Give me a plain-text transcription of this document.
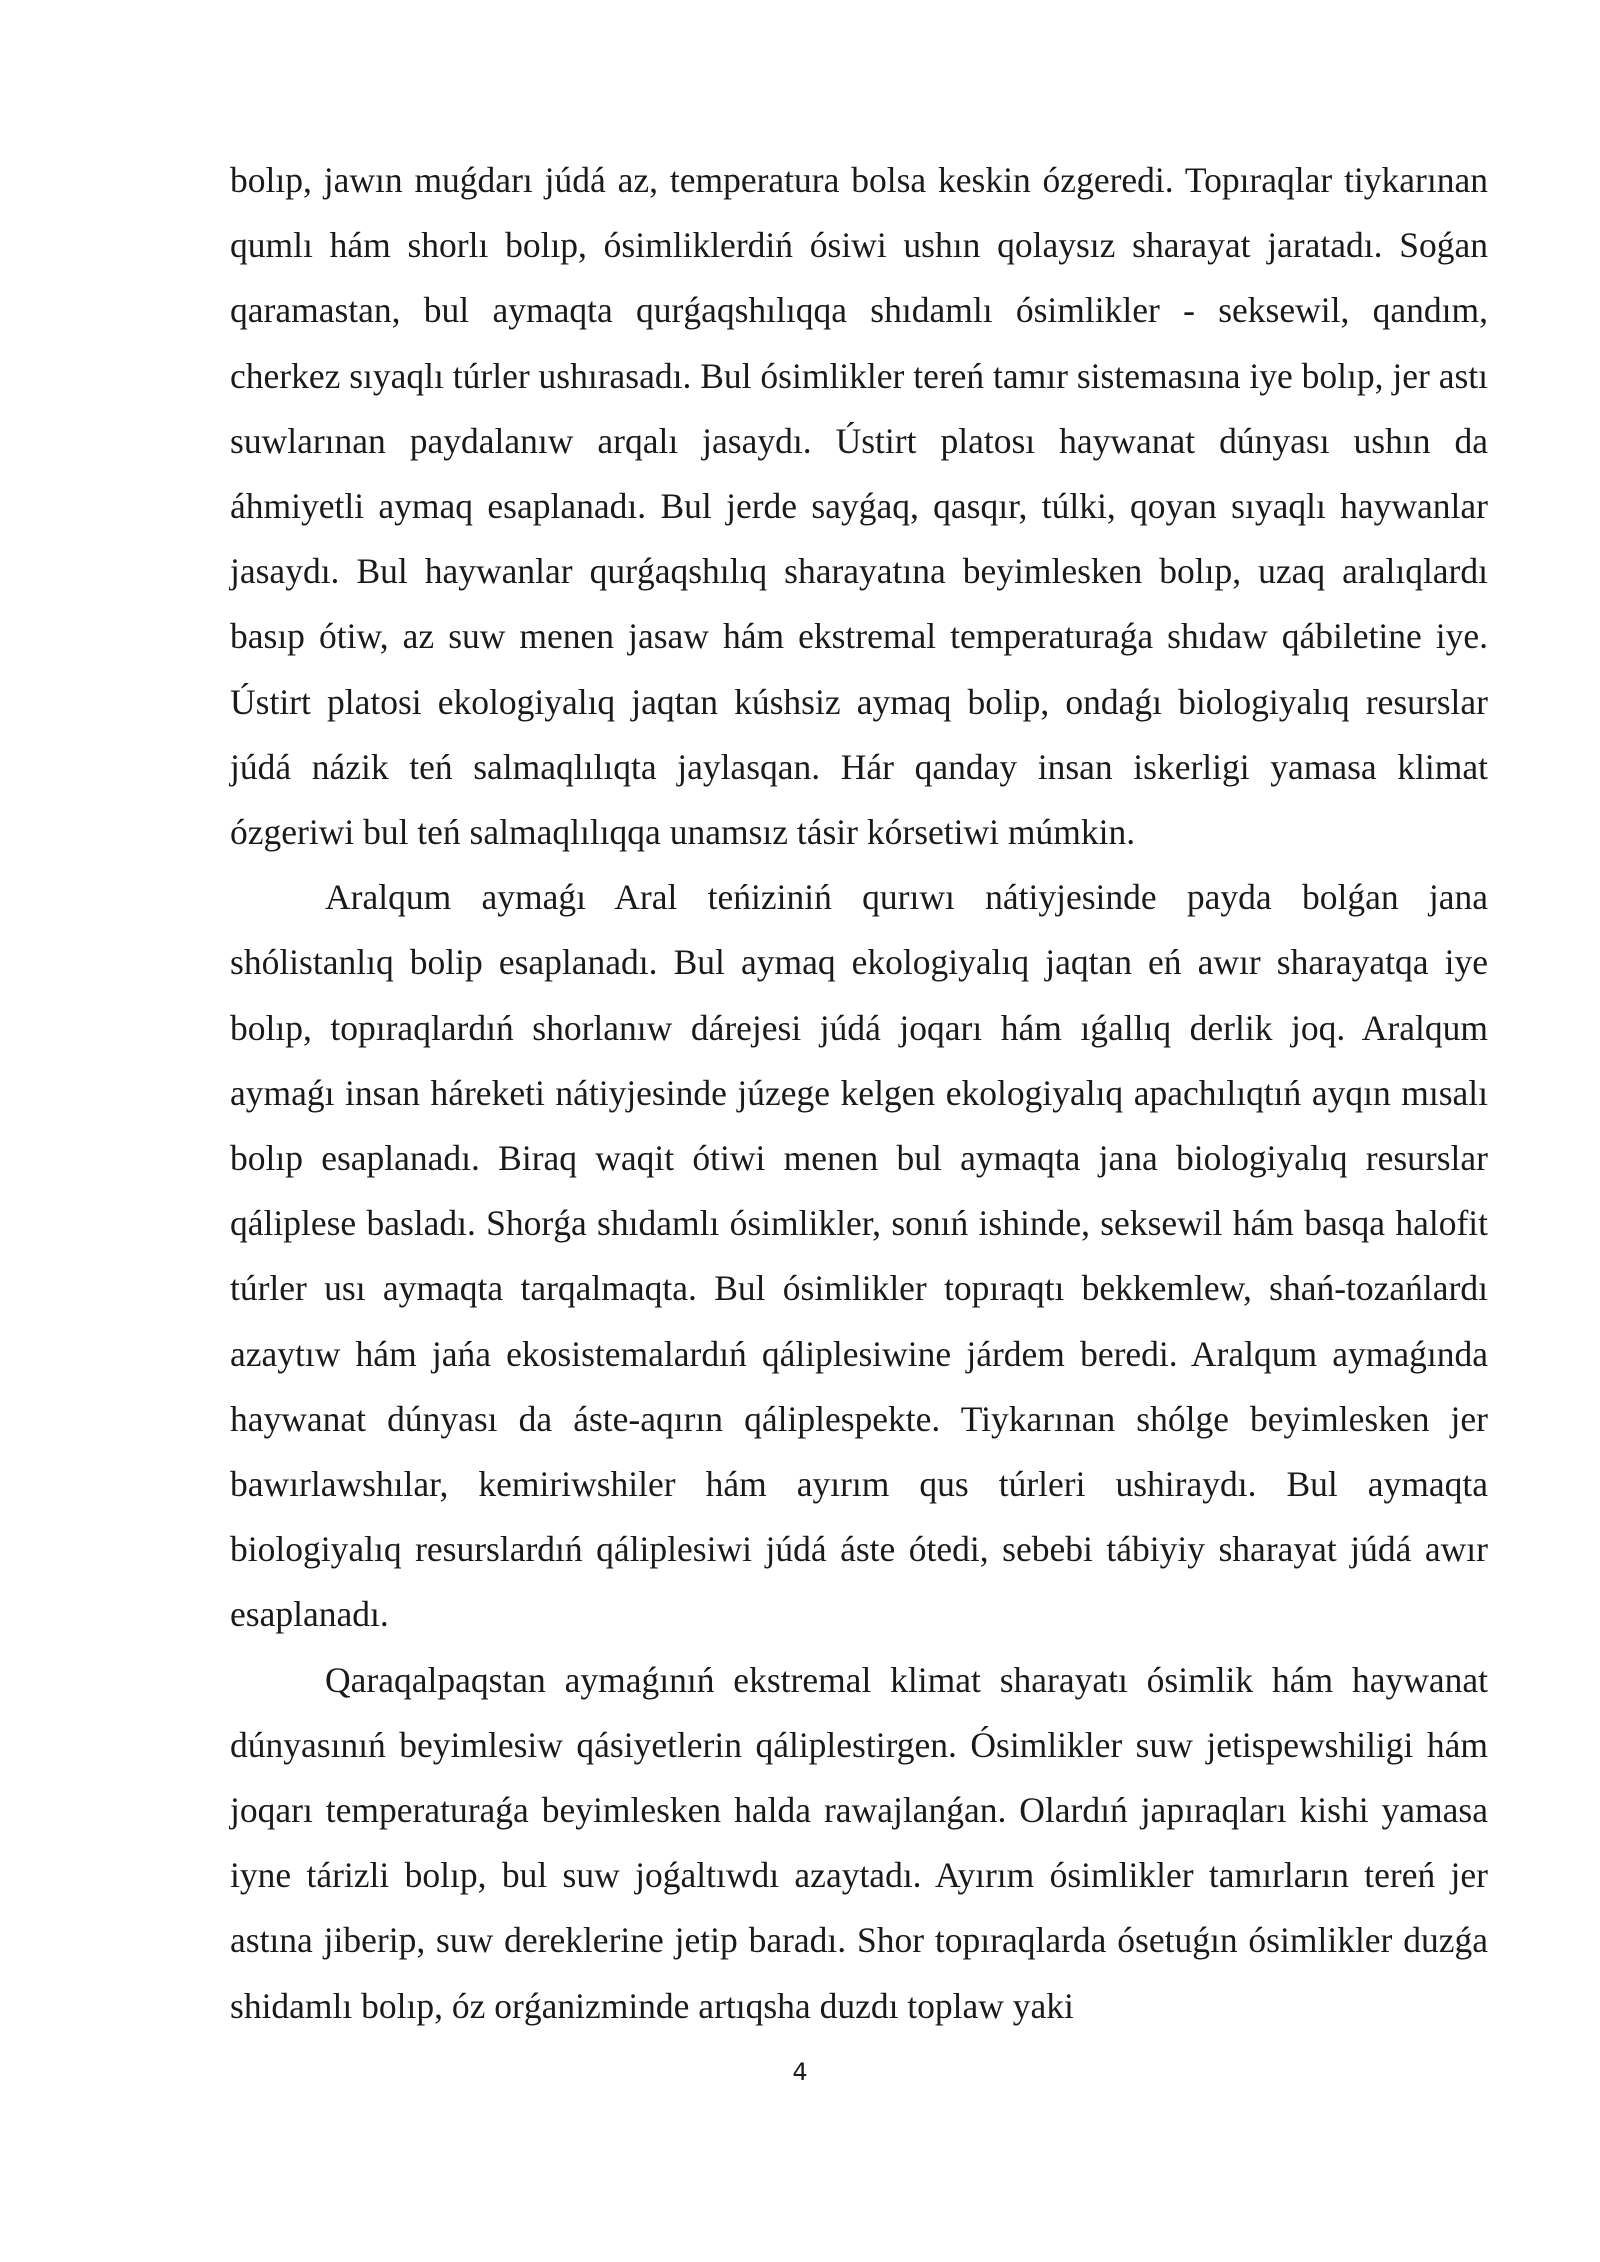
bolıp, jawın muǵdarı júdá az, temperatura bolsa keskin ózgeredi. Topıraqlar tiykarınan qumlı hám shorlı bolıp, ósimliklerdiń ósiwi ushın qolaysız sharayat jaratadı. Soǵan qaramastan, bul aymaqta qurǵaqshılıqqa shıdamlı ósimlikler - seksewil, qandım, cherkez sıyaqlı túrler ushırasadı. Bul ósimlikler tereń tamır sistemasına iye bolıp, jer astı suwlarınan paydalanıw arqalı jasaydı. Ústirt platosı haywanat dúnyası ushın da áhmiyetli aymaq esaplanadı. Bul jerde sayǵaq, qasqır, túlki, qoyan sıyaqlı haywanlar jasaydı. Bul haywanlar qurǵaqshılıq sharayatına beyimlesken bolıp, uzaq aralıqlardı basıp ótiw, az suw menen jasaw hám ekstremal temperaturaǵa shıdaw qábiletine iye. Ústirt platosi ekologiyalıq jaqtan kúshsiz aymaq bolip, ondaǵı biologiyalıq resurslar júdá názik teń salmaqlılıqta jaylasqan. Hár qanday insan iskerligi yamasa klimat ózgeriwi bul teń salmaqlılıqqa unamsız tásir kórsetiwi múmkin.

Aralqum aymaǵı Aral teńiziniń qurıwı nátiyjesinde payda bolǵan jana shólistanlıq bolip esaplanadı. Bul aymaq ekologiyalıq jaqtan eń awır sharayatqa iye bolıp, topıraqlardıń shorlanıw dárejesi júdá joqarı hám ıǵallıq derlik joq. Aralqum aymaǵı insan háreketi nátiyjesinde júzege kelgen ekologiyalıq apachılıqtıń ayqın mısalı bolıp esaplanadı. Biraq waqit ótiwi menen bul aymaqta jana biologiyalıq resurslar qáliplese basladı. Shorǵa shıdamlı ósimlikler, sonıń ishinde, seksewil hám basqa halofit túrler usı aymaqta tarqalmaqta. Bul ósimlikler topıraqtı bekkemlew, shań-tozańlardı azaytıw hám jańa ekosistemalardıń qáliplesiwine járdem beredi. Aralqum aymaǵında haywanat dúnyası da áste-aqırın qáliplespekte. Tiykarınan shólge beyimlesken jer bawırlawshılar, kemiriwshiler hám ayırım qus túrleri ushiraydı. Bul aymaqta biologiyalıq resurslardıń qáliplesiwi júdá áste ótedi, sebebi tábiyiy sharayat júdá awır esaplanadı.

Qaraqalpaqstan aymaǵınıń ekstremal klimat sharayatı ósimlik hám haywanat dúnyasınıń beyimlesiw qásiyetlerin qáliplestirgen. Ósimlikler suw jetispewshiligi hám joqarı temperaturaǵa beyimlesken halda rawajlanǵan. Olardıń japıraqları kishi yamasa iyne tárizli bolıp, bul suw joǵaltıwdı azaytadı. Ayırım ósimlikler tamırların tereń jer astına jiberip, suw dereklerine jetip baradı. Shor topıraqlarda ósetuǵın ósimlikler duzǵa shidamlı bolıp, óz orǵanizminde artıqsha duzdı toplaw yaki

4
